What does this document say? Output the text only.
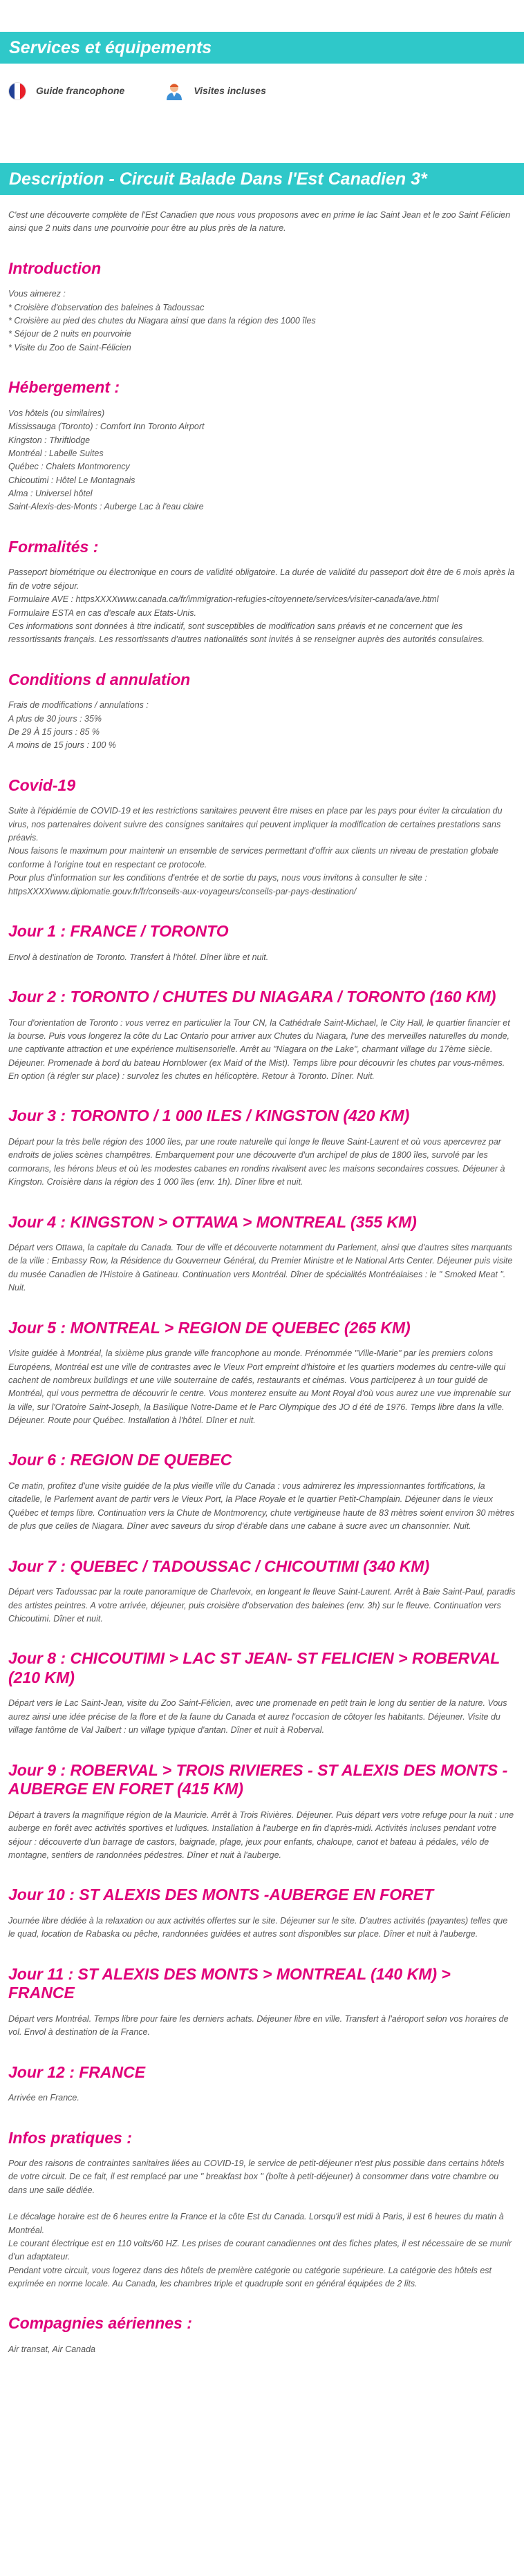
Services et équipements
Guide francophone	Visites incluses
Description - Circuit Balade Dans l'Est Canadien 3*

C'est une découverte complète de l'Est Canadien que nous vous proposons avec en prime le lac Saint Jean et le zoo Saint Félicien ainsi que 2 nuits dans une pourvoirie pour être au plus près de la nature.

Introduction
Vous aimerez :
* Croisière d'observation des baleines à Tadoussac
* Croisière au pied des chutes du Niagara ainsi que dans la région des 1000 îles
* Séjour de 2 nuits en pourvoirie
* Visite du Zoo de Saint-Félicien
Hébergement :
Vos hôtels (ou similaires)
Mississauga (Toronto) : Comfort Inn Toronto Airport
Kingston : Thriftlodge
Montréal : Labelle Suites
Québec : Chalets Montmorency
Chicoutimi : Hôtel Le Montagnais
Alma : Universel hôtel
Saint-Alexis-des-Monts : Auberge Lac à l'eau claire
Formalités :
Passeport biométrique ou électronique en cours de validité obligatoire. La durée de validité du passeport doit être de 6 mois après la fin de votre séjour.
Formulaire AVE : httpsXXXXwww.canada.ca/fr/immigration-refugies-citoyennete/services/visiter-canada/ave.html
Formulaire ESTA en cas d'escale aux Etats-Unis.
Ces informations sont données à titre indicatif, sont susceptibles de modification sans préavis et ne concernent que les ressortissants français. Les ressortissants d'autres nationalités sont invités à se renseigner auprès des autorités consulaires.
Conditions d annulation
Frais de modifications / annulations :
A plus de 30 jours : 35%
De 29 À 15 jours : 85 %
A moins de 15 jours : 100 %
Covid-19
Suite à l'épidémie de COVID-19 et les restrictions sanitaires peuvent être mises en place par les pays pour éviter la circulation du virus, nos partenaires doivent suivre des consignes sanitaires qui peuvent impliquer la modification de certaines prestations sans préavis.
Nous faisons le maximum pour maintenir un ensemble de services permettant d'offrir aux clients un niveau de prestation globale conforme à l'origine tout en respectant ce protocole.
Pour plus d'information sur les conditions d'entrée et de sortie du pays, nous vous invitons à consulter le site : httpsXXXXwww.diplomatie.gouv.fr/fr/conseils-aux-voyageurs/conseils-par-pays-destination/
Jour 1 : FRANCE / TORONTO

Envol à destination de Toronto. Transfert à l'hôtel. Dîner libre et nuit.

Jour 2 : TORONTO / CHUTES DU NIAGARA / TORONTO (160 KM)

Tour d'orientation de Toronto : vous verrez en particulier la Tour CN, la Cathédrale Saint-Michael, le City Hall, le quartier financier et la bourse. Puis vous longerez la côte du Lac Ontario pour arriver aux Chutes du Niagara, l'une des merveilles naturelles du monde, une captivante attraction et une expérience multisensorielle. Arrêt au "Niagara on the Lake", charmant village du 17ème siècle. Déjeuner. Promenade à bord du bateau Hornblower (ex Maid of the Mist). Temps libre pour découvrir les chutes par vous-mêmes. En option (à régler sur place) : survolez les chutes en hélicoptère. Retour à Toronto. Dîner. Nuit.

Jour 3 : TORONTO / 1 000 ILES / KINGSTON (420 KM)

Départ pour la très belle région des 1000 îles, par une route naturelle qui longe le fleuve Saint-Laurent et où vous apercevrez par endroits de jolies scènes champêtres. Embarquement pour une découverte d'un archipel de plus de 1800 îles, survolé par les cormorans, les hérons bleus et où les modestes cabanes en rondins rivalisent avec les maisons secondaires cossues. Déjeuner à Kingston. Croisière dans la région des 1 000 îles (env. 1h). Dîner libre et nuit.

Jour 4 : KINGSTON > OTTAWA > MONTREAL (355 KM)

Départ vers Ottawa, la capitale du Canada. Tour de ville et découverte notamment du Parlement, ainsi que d'autres sites marquants de la ville : Embassy Row, la Résidence du Gouverneur Général, du Premier Ministre et le National Arts Center. Déjeuner puis visite du musée Canadien de l'Histoire à Gatineau. Continuation vers Montréal. Dîner de spécialités Montréalaises : le " Smoked Meat ". Nuit.

Jour 5 : MONTREAL > REGION DE QUEBEC (265 KM)

Visite guidée à Montréal, la sixième plus grande ville francophone au monde. Prénommée "Ville-Marie" par les premiers colons Européens, Montréal est une ville de contrastes avec le Vieux Port empreint d'histoire et les quartiers modernes du centre-ville qui cachent de nombreux buildings et une ville souterraine de cafés, restaurants et cinémas. Vous participerez à un tour guidé de Montréal, qui vous permettra de découvrir le centre. Vous monterez ensuite au Mont Royal d'où vous aurez une vue imprenable sur la ville, sur l'Oratoire Saint-Joseph, la Basilique Notre-Dame et le Parc Olympique des JO d été de 1976. Temps libre dans la ville. Déjeuner. Route pour Québec. Installation à l'hôtel. Dîner et nuit.

Jour 6 : REGION DE QUEBEC

Ce matin, profitez d'une visite guidée de la plus vieille ville du Canada : vous admirerez les impressionnantes fortifications, la citadelle, le Parlement avant de partir vers le Vieux Port, la Place Royale et le quartier Petit-Champlain. Déjeuner dans le vieux Québec et temps libre. Continuation vers la Chute de Montmorency, chute vertigineuse haute de 83 mètres soient environ 30 mètres de plus que celles de Niagara. Dîner avec saveurs du sirop d'érable dans une cabane à sucre avec un chansonnier. Nuit.

Jour 7 : QUEBEC / TADOUSSAC / CHICOUTIMI (340 KM)

Départ vers Tadoussac par la route panoramique de Charlevoix, en longeant le fleuve Saint-Laurent. Arrêt à Baie Saint-Paul, paradis des artistes peintres. A votre arrivée, déjeuner, puis croisière d'observation des baleines (env. 3h) sur le fleuve. Continuation vers Chicoutimi. Dîner et nuit.

Jour 8 : CHICOUTIMI > LAC ST JEAN- ST FELICIEN > ROBERVAL (210 KM)

Départ vers le Lac Saint-Jean, visite du Zoo Saint-Félicien, avec une promenade en petit train le long du sentier de la nature. Vous aurez ainsi une idée précise de la flore et de la faune du Canada et aurez l'occasion de côtoyer les habitants. Déjeuner. Visite du village fantôme de Val Jalbert : un village typique d'antan. Dîner et nuit à Roberval.

Jour 9 : ROBERVAL > TROIS RIVIERES - ST ALEXIS DES MONTS - AUBERGE EN FORET (415 KM)

Départ à travers la magnifique région de la Mauricie. Arrêt à Trois Rivières. Déjeuner. Puis départ vers votre refuge pour la nuit : une auberge en forêt avec activités sportives et ludiques. Installation à l'auberge en fin d'après-midi. Activités incluses pendant votre séjour : découverte d'un barrage de castors, baignade, plage, jeux pour enfants, chaloupe, canot et bateau à pédales, vélo de montagne, sentiers de randonnées pédestres. Dîner et nuit à l'auberge.

Jour 10 : ST ALEXIS DES MONTS -AUBERGE EN FORET

Journée libre dédiée à la relaxation ou aux activités offertes sur le site. Déjeuner sur le site. D'autres activités (payantes) telles que le quad, location de Rabaska ou pêche, randonnées guidées et autres sont disponibles sur place. Dîner et nuit à l'auberge.

Jour 11 : ST ALEXIS DES MONTS > MONTREAL (140 KM) > FRANCE

Départ vers Montréal. Temps libre pour faire les derniers achats. Déjeuner libre en ville. Transfert à l'aéroport selon vos horaires de vol. Envol à destination de la France.

Jour 12 : FRANCE

Arrivée en France.

Infos pratiques :
Pour des raisons de contraintes sanitaires liées au COVID-19, le service de petit-déjeuner n'est plus possible dans certains hôtels de votre circuit. De ce fait, il est remplacé par une " breakfast box " (boîte à petit-déjeuner) à consommer dans votre chambre ou dans une salle dédiée.
Le décalage horaire est de 6 heures entre la France et la côte Est du Canada. Lorsqu'il est midi à Paris, il est 6 heures du matin à Montréal.
Le courant électrique est en 110 volts/60 HZ. Les prises de courant canadiennes ont des fiches plates, il est nécessaire de se munir d'un adaptateur.
Pendant votre circuit, vous logerez dans des hôtels de première catégorie ou catégorie supérieure. La catégorie des hôtels est exprimée en norme locale. Au Canada, les chambres triple et quadruple sont en général équipées de 2 lits.
Compagnies aériennes :
Air transat, Air Canada
